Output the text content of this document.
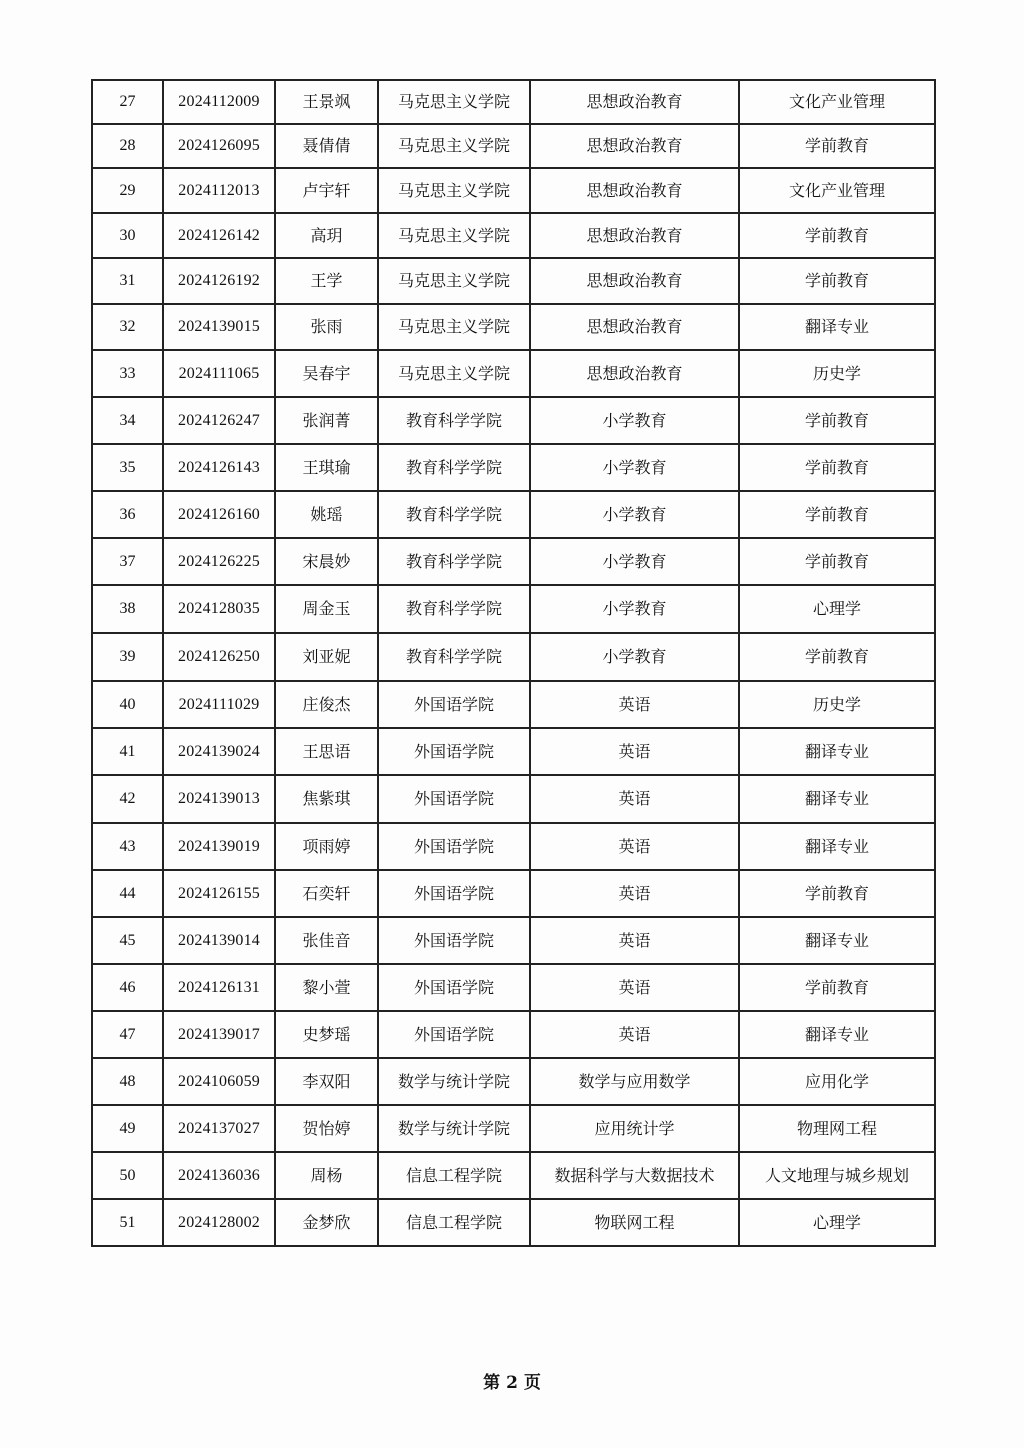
27	2024112009	王景飒	马克思主义学院	思想政治教育	文化产业管理
28	2024126095	聂倩倩	马克思主义学院	思想政治教育	学前教育
29	2024112013	卢宇轩	马克思主义学院	思想政治教育	文化产业管理
30	2024126142	高玥	马克思主义学院	思想政治教育	学前教育
31	2024126192	王学	马克思主义学院	思想政治教育	学前教育
32	2024139015	张雨	马克思主义学院	思想政治教育	翻译专业
33	2024111065	吴春宇	马克思主义学院	思想政治教育	历史学
34	2024126247	张润菁	教育科学学院	小学教育	学前教育
35	2024126143	王琪瑜	教育科学学院	小学教育	学前教育
36	2024126160	姚瑶	教育科学学院	小学教育	学前教育
37	2024126225	宋晨妙	教育科学学院	小学教育	学前教育
38	2024128035	周金玉	教育科学学院	小学教育	心理学
39	2024126250	刘亚妮	教育科学学院	小学教育	学前教育
40	2024111029	庄俊杰	外国语学院	英语	历史学
41	2024139024	王思语	外国语学院	英语	翻译专业
42	2024139013	焦紫琪	外国语学院	英语	翻译专业
43	2024139019	项雨婷	外国语学院	英语	翻译专业
44	2024126155	石奕轩	外国语学院	英语	学前教育
45	2024139014	张佳音	外国语学院	英语	翻译专业
46	2024126131	黎小萱	外国语学院	英语	学前教育
47	2024139017	史梦瑶	外国语学院	英语	翻译专业
48	2024106059	李双阳	数学与统计学院	数学与应用数学	应用化学
49	2024137027	贺怡婷	数学与统计学院	应用统计学	物理网工程
50	2024136036	周杨	信息工程学院	数据科学与大数据技术	人文地理与城乡规划
51	2024128002	金梦欣	信息工程学院	物联网工程	心理学
第 2 页
